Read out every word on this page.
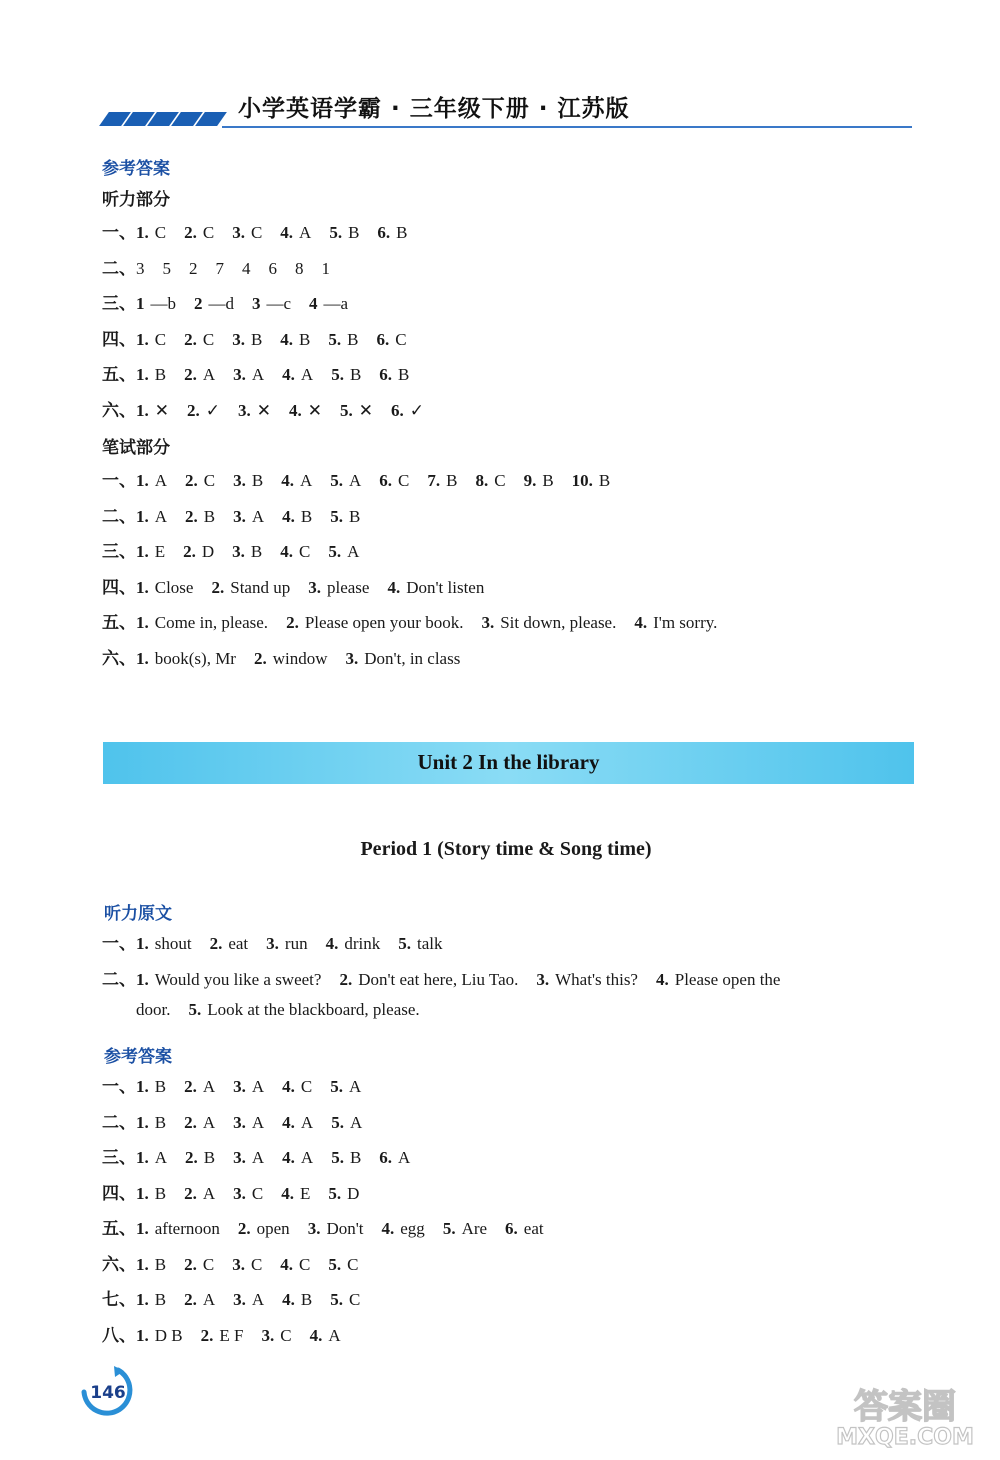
小学英语学霸 · 三年级下册 · 江苏版
参考答案
听力部分
一、1. C 2. C 3. C 4. A 5. B 6. B
二、3 5 2 7 4 6 8 1
三、1 —b 2 —d 3 —c 4 —a
四、1. C 2. C 3. B 4. B 5. B 6. C
五、1. B 2. A 3. A 4. A 5. B 6. B
六、1. ✕ 2. ✓ 3. ✕ 4. ✕ 5. ✕ 6. ✓
笔试部分
一、1. A 2. C 3. B 4. A 5. A 6. C 7. B 8. C 9. B 10. B
二、1. A 2. B 3. A 4. B 5. B
三、1. E 2. D 3. B 4. C 5. A
四、1. Close 2. Stand up 3. please 4. Don't listen
五、1. Come in, please. 2. Please open your book. 3. Sit down, please. 4. I'm sorry.
六、1. book(s), Mr 2. window 3. Don't, in class
Unit 2 In the library
Period 1 (Story time & Song time)
听力原文
一、1. shout 2. eat 3. run 4. drink 5. talk
二、1. Would you like a sweet? 2. Don't eat here, Liu Tao. 3. What's this? 4. Please open the
door. 5. Look at the blackboard, please.
参考答案
一、1. B 2. A 3. A 4. C 5. A
二、1. B 2. A 3. A 4. A 5. A
三、1. A 2. B 3. A 4. A 5. B 6. A
四、1. B 2. A 3. C 4. E 5. D
五、1. afternoon 2. open 3. Don't 4. egg 5. Are 6. eat
六、1. B 2. C 3. C 4. C 5. C
七、1. B 2. A 3. A 4. B 5. C
八、1. D B 2. E F 3. C 4. A
146	答案圈
MXQE.COM
